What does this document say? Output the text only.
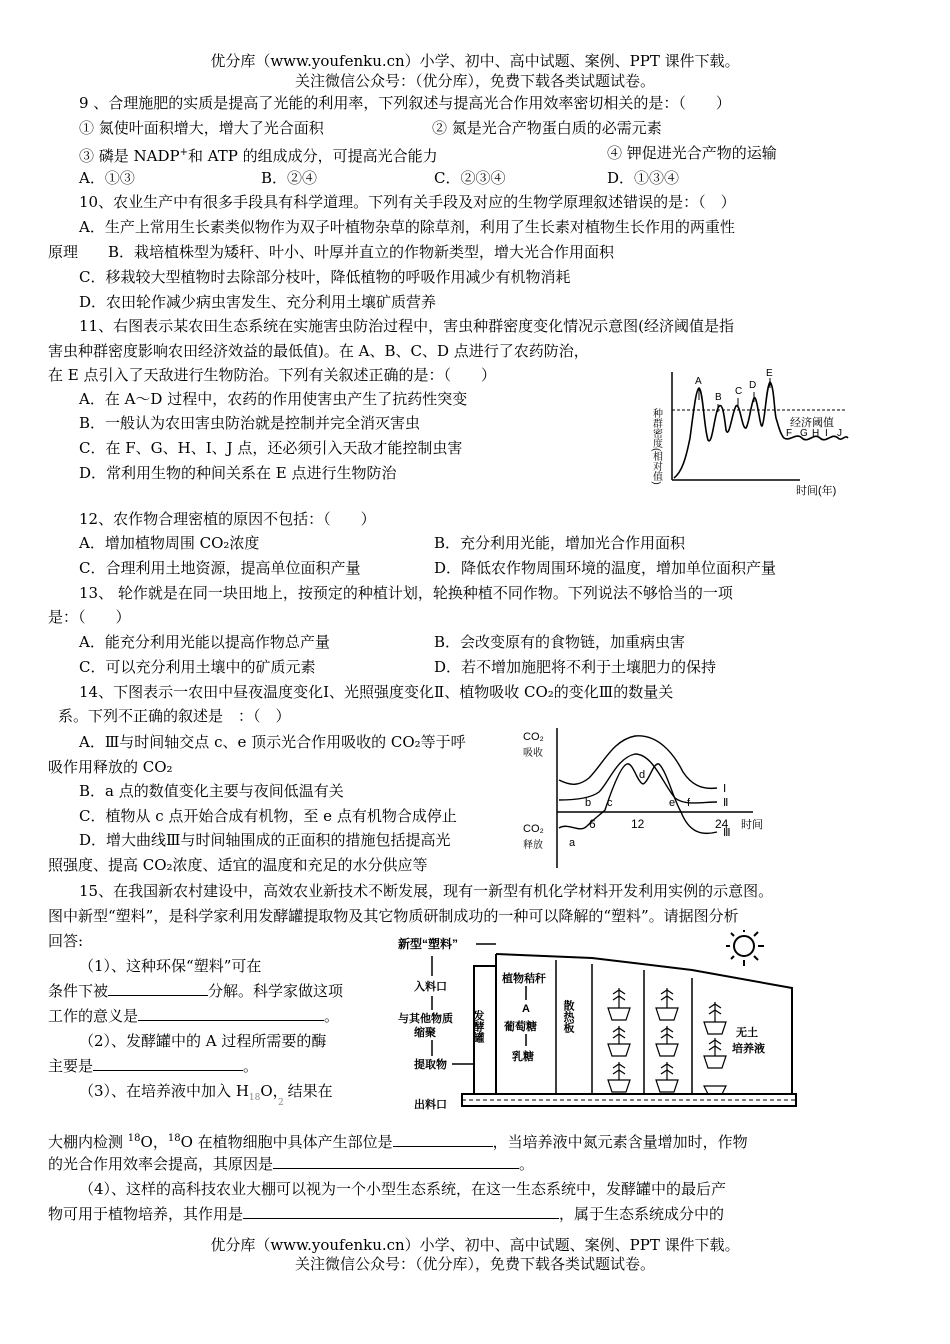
优分库（www.youfenku.cn）小学、初中、高中试题、案例、PPT 课件下载。
关注微信公众号：（优分库），免费下载各类试题试卷。
9 、合理施肥的实质是提高了光能的利用率，下列叙述与提高光合作用效率密切相关的是：（　　）
① 氮使叶面积增大，增大了光合面积	② 氮是光合产物蛋白质的必需元素
③ 磷是 NADP+和 ATP 的组成成分，可提高光合能力	④ 钾促进光合产物的运输
A．①③	B．②④	C．②③④	D．①③④
10、农业生产中有很多手段具有科学道理。下列有关手段及对应的生物学原理叙述错误的是：（　）
A．生产上常用生长素类似物作为双子叶植物杂草的除草剂，利用了生长素对植物生长作用的两重性
原理　　B．栽培植株型为矮秆、叶小、叶厚并直立的作物新类型，增大光合作用面积
C．移栽较大型植物时去除部分枝叶，降低植物的呼吸作用减少有机物消耗
D．农田轮作减少病虫害发生、充分利用土壤矿质营养
11、右图表示某农田生态系统在实施害虫防治过程中，害虫种群密度变化情况示意图(经济阈值是指
害虫种群密度影响农田经济效益的最低值)。在 A、B、C、D 点进行了农药防治，
在 E 点引入了天敌进行生物防治。下列有关叙述正确的是：（　　）
A．在 A～D 过程中，农药的作用使害虫产生了抗药性突变
B．一般认为农田害虫防治就是控制并完全消灭害虫
C．在 F、G、H、I、J 点，还必须引入天敌才能控制虫害
D．常利用生物的种间关系在 E 点进行生物防治	种群密度(相对值)
时间(年)
经济阈值
A
B
C
D
E
F G H I J
12、农作物合理密植的原因不包括：（　　）
A．增加植物周围 CO₂浓度	B．充分利用光能，增加光合作用面积
C．合理利用土地资源，提高单位面积产量	D．降低农作物周围环境的温度，增加单位面积产量
13、 轮作就是在同一块田地上，按预定的种植计划，轮换种植不同作物。下列说法不够恰当的一项
是：（　　）
A．能充分利用光能以提高作物总产量	B．会改变原有的食物链，加重病虫害
C．可以充分利用土壤中的矿质元素	D．若不增加施肥将不利于土壤肥力的保持
14、下图表示一农田中昼夜温度变化Ⅰ、光照强度变化Ⅱ、植物吸收 CO₂的变化Ⅲ的数量关
系。下列不正确的叙述是　：（　）
A．Ⅲ与时间轴交点 c、e 顶示光合作用吸收的 CO₂等于呼
吸作用释放的 CO₂
B．a 点的数值变化主要与夜间低温有关
C．植物从 c 点开始合成有机物，至 e 点有机物合成停止
D．增大曲线Ⅲ与时间轴围成的正面积的措施包括提高光
照强度、提高 CO₂浓度、适宜的温度和充足的水分供应等
CO₂
吸收
CO₂
释放
时间
6	12	24
a
b c
d
e f
Ⅰ
Ⅱ
Ⅲ
15、在我国新农村建设中，高效农业新技术不断发展，现有一新型有机化学材料开发利用实例的示意图。
图中新型“塑料”，是科学家利用发酵罐提取物及其它物质研制成功的一种可以降解的“塑料”。请据图分析
回答:
（1）、这种环保“塑料”可在
条件下被	分解。科学家做这项
工作的意义是	。
（2）、发酵罐中的 A 过程所需要的酶
主要是	。
（3）、在培养液中加入 $H_{18}O$，结果在
2
大棚内检测 $^{18}$O，$^{18}$O 在植物细胞中具体产生部位是	，当培养液中氮元素含量增加时，作物
的光合作用效率会提高，其原因是	。
（4）、这样的高科技农业大棚可以视为一个小型生态系统，在这一生态系统中，发酵罐中的最后产
物可用于植物培养，其作用是	，属于生态系统成分中的
新型“塑料”
入料口
与其他物质
缩聚
提取物
出料口
发酵罐
植物秸秆
A
葡萄糖
乳糖
散热板	无土
培养液
优分库（www.youfenku.cn）小学、初中、高中试题、案例、PPT 课件下载。
关注微信公众号：（优分库），免费下载各类试题试卷。
